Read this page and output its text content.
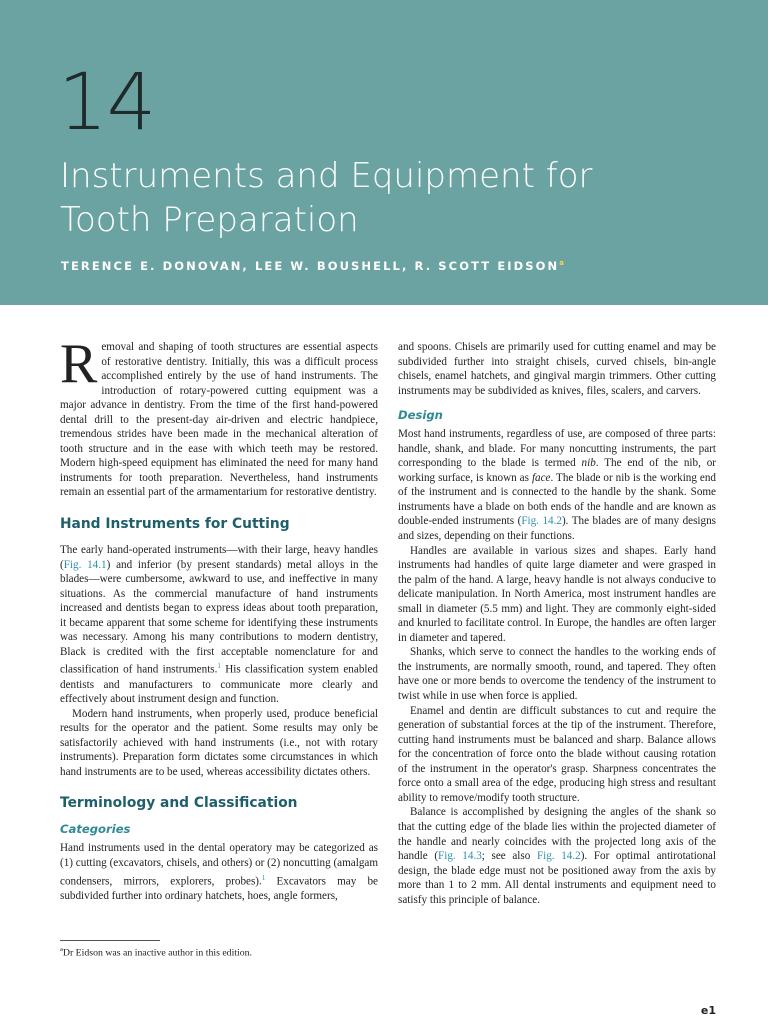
14
Instruments and Equipment for
Tooth Preparation
TERENCE E. DONOVAN, LEE W. BOUSHELL, R. SCOTT EIDSON$^a$

Removal and shaping of tooth structures are essential aspects of restorative dentistry. Initially, this was a difficult process accomplished entirely by the use of hand instruments. The introduction of rotary-powered cutting equipment was a major advance in dentistry. From the time of the first hand-powered dental drill to the present-day air-driven and electric handpiece, tremendous strides have been made in the mechanical alteration of tooth structure and in the ease with which teeth may be restored. Modern high-speed equipment has eliminated the need for many hand instruments for tooth preparation. Nevertheless, hand instruments remain an essential part of the armamentarium for restorative dentistry.

Hand Instruments for Cutting

The early hand-operated instruments—with their large, heavy handles (Fig. 14.1) and inferior (by present standards) metal alloys in the blades—were cumbersome, awkward to use, and ineffective in many situations. As the commercial manufacture of hand instruments increased and dentists began to express ideas about tooth preparation, it became apparent that some scheme for identifying these instruments was necessary. Among his many contributions to modern dentistry, Black is credited with the first acceptable nomenclature for and classification of hand instruments.$^1$ His classification system enabled dentists and manufacturers to communicate more clearly and effectively about instrument design and function.

Modern hand instruments, when properly used, produce beneficial results for the operator and the patient. Some results may only be satisfactorily achieved with hand instruments (i.e., not with rotary instruments). Preparation form dictates some circumstances in which hand instruments are to be used, whereas accessibility dictates others.

Terminology and Classification
Categories

Hand instruments used in the dental operatory may be categorized as (1) cutting (excavators, chisels, and others) or (2) noncutting (amalgam condensers, mirrors, explorers, probes).$^1$ Excavators may be subdivided further into ordinary hatchets, hoes, angle formers,

$^a$Dr Eidson was an inactive author in this edition.

and spoons. Chisels are primarily used for cutting enamel and may be subdivided further into straight chisels, curved chisels, bin-angle chisels, enamel hatchets, and gingival margin trimmers. Other cutting instruments may be subdivided as knives, files, scalers, and carvers.

Design

Most hand instruments, regardless of use, are composed of three parts: handle, shank, and blade. For many noncutting instruments, the part corresponding to the blade is termed nib. The end of the nib, or working surface, is known as face. The blade or nib is the working end of the instrument and is connected to the handle by the shank. Some instruments have a blade on both ends of the handle and are known as double-ended instruments (Fig. 14.2). The blades are of many designs and sizes, depending on their functions.

Handles are available in various sizes and shapes. Early hand instruments had handles of quite large diameter and were grasped in the palm of the hand. A large, heavy handle is not always conducive to delicate manipulation. In North America, most instrument handles are small in diameter (5.5 mm) and light. They are commonly eight-sided and knurled to facilitate control. In Europe, the handles are often larger in diameter and tapered.

Shanks, which serve to connect the handles to the working ends of the instruments, are normally smooth, round, and tapered. They often have one or more bends to overcome the tendency of the instrument to twist while in use when force is applied.

Enamel and dentin are difficult substances to cut and require the generation of substantial forces at the tip of the instrument. Therefore, cutting hand instruments must be balanced and sharp. Balance allows for the concentration of force onto the blade without causing rotation of the instrument in the operator's grasp. Sharpness concentrates the force onto a small area of the edge, producing high stress and resultant ability to remove/modify tooth structure.

Balance is accomplished by designing the angles of the shank so that the cutting edge of the blade lies within the projected diameter of the handle and nearly coincides with the projected long axis of the handle (Fig. 14.3; see also Fig. 14.2). For optimal antirotational design, the blade edge must not be positioned away from the axis by more than 1 to 2 mm. All dental instruments and equipment need to satisfy this principle of balance.

e1
